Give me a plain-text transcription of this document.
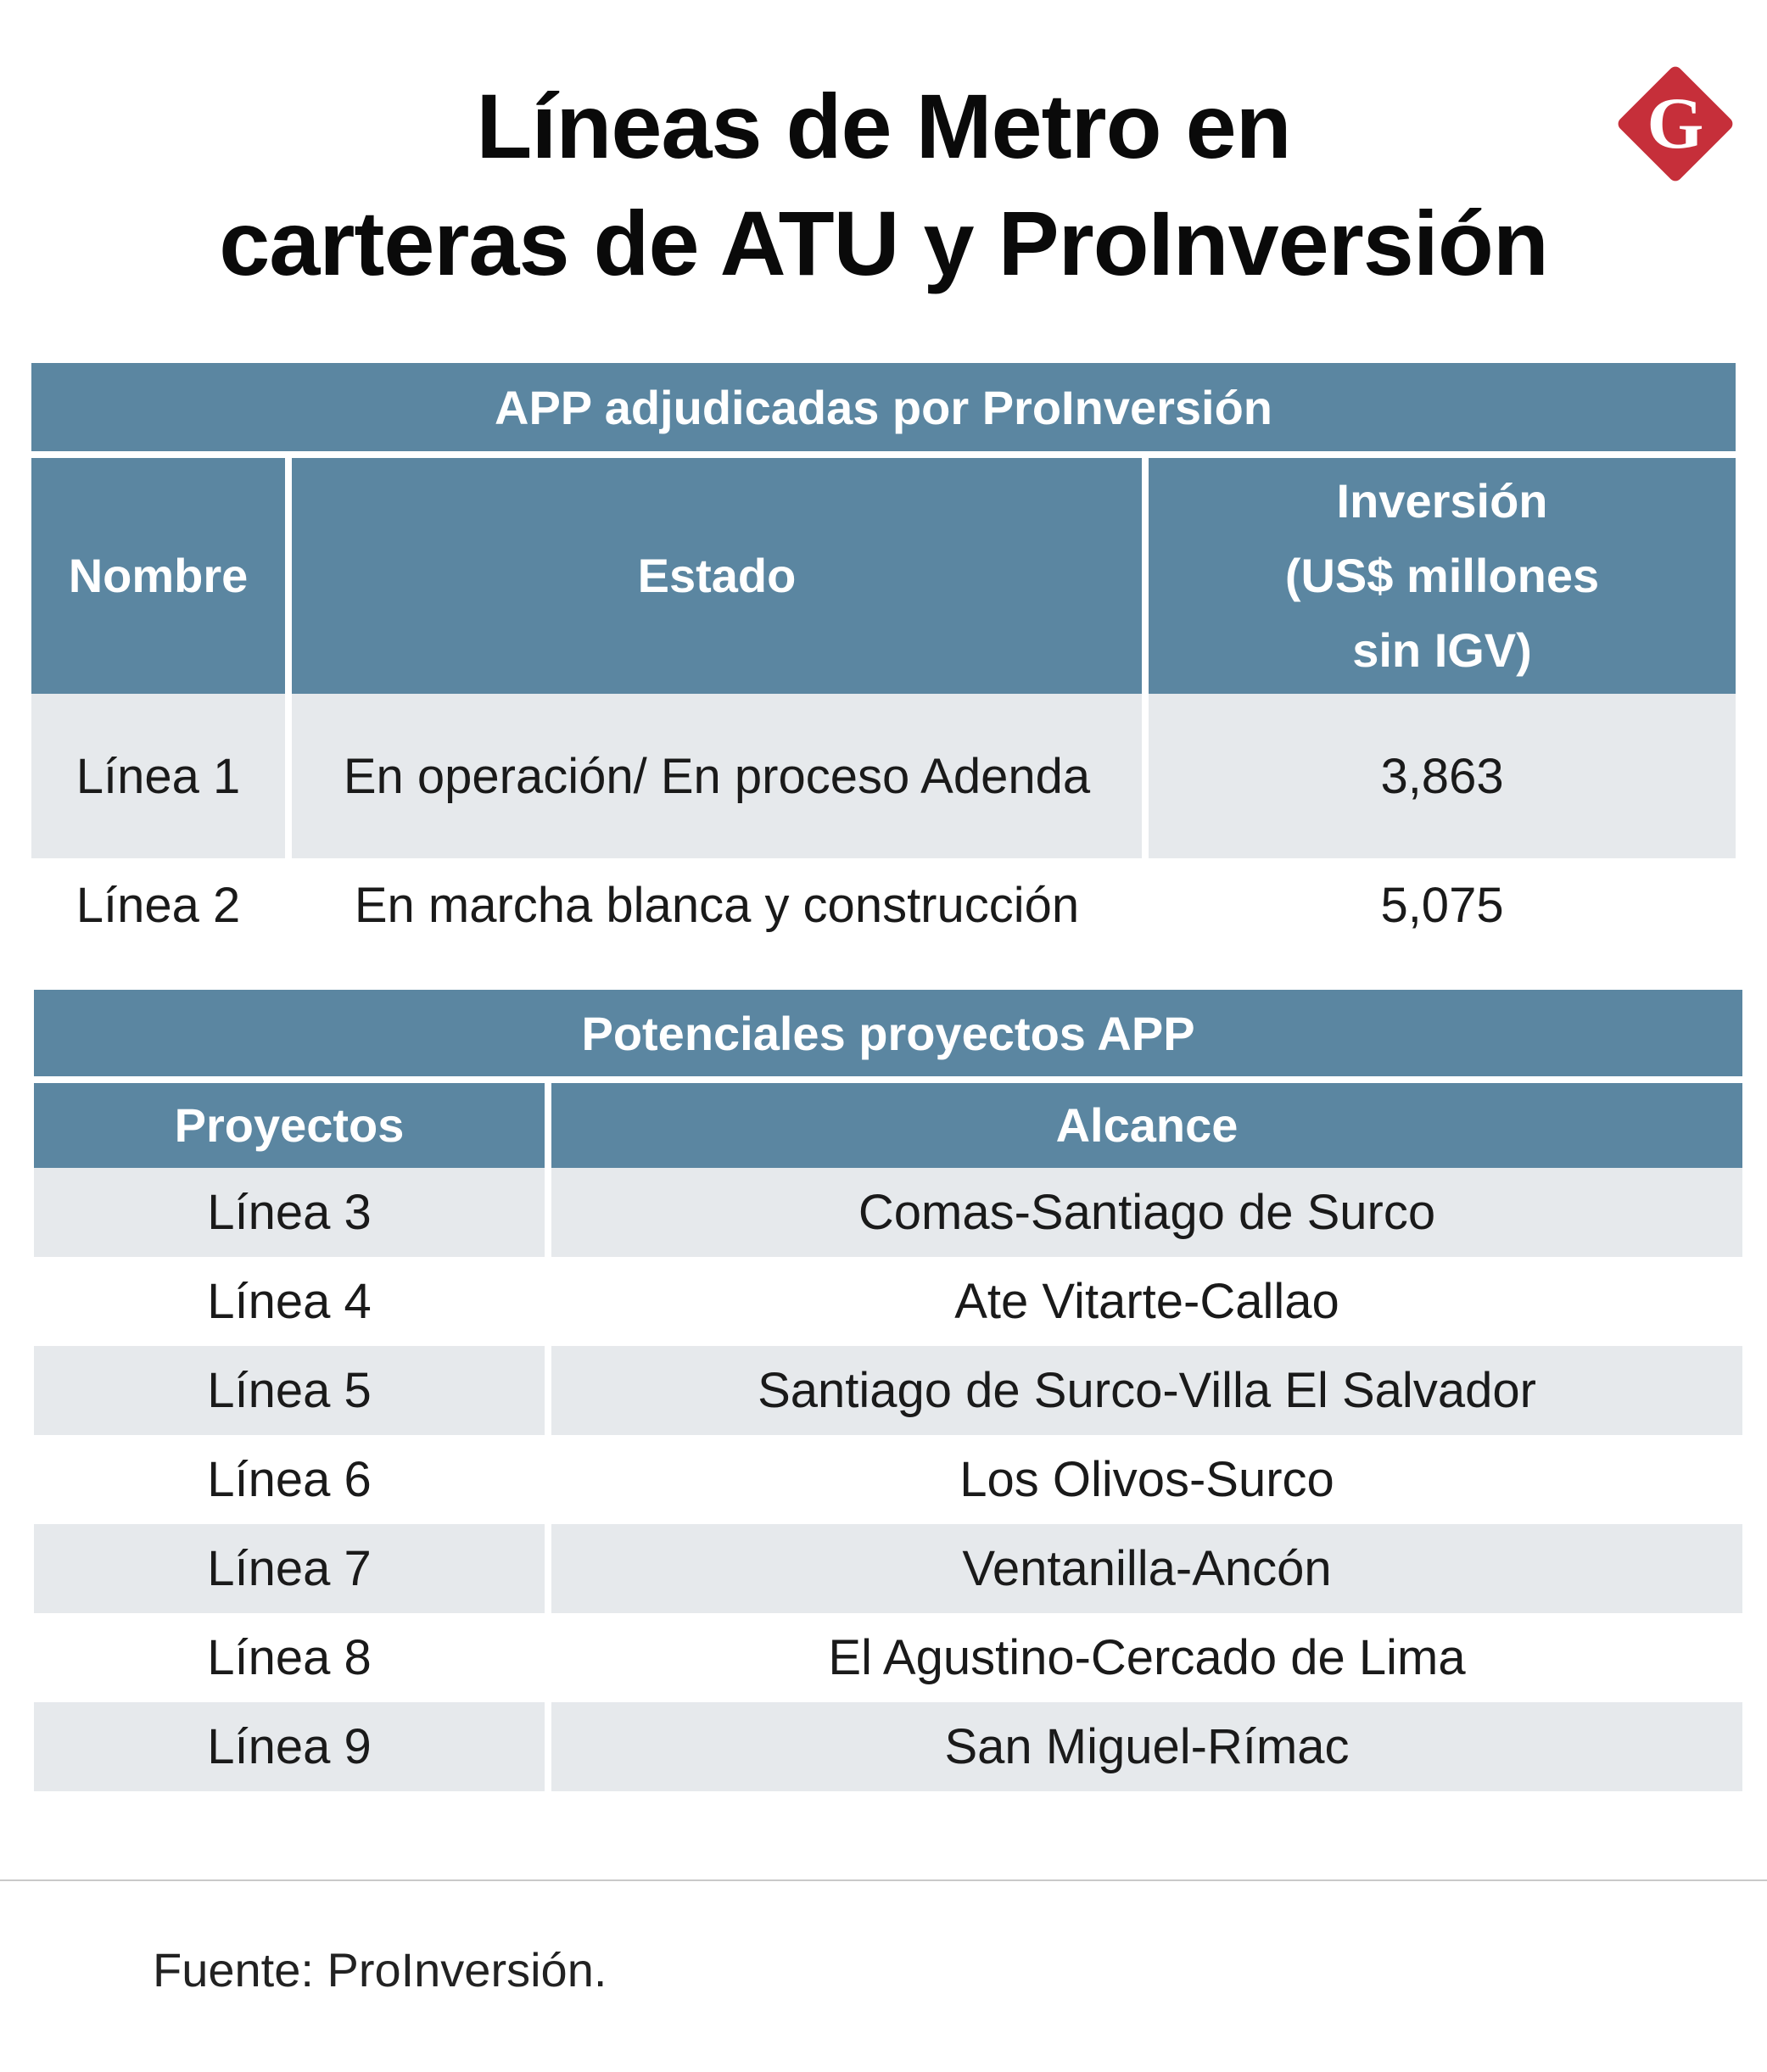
Líneas de Metro en
carteras de ATU y ProInversión
G
APP adjudicadas por ProInversión		
Nombre	Estado	Inversión
(US$ millones
sin IGV)

Línea 1	En operación/ En proceso Adenda	3,863
Línea 2	En marcha blanca y construcción	5,075
Potenciales proyectos APP	
Proyectos	Alcance
Línea 3	Comas-Santiago de Surco
Línea 4	Ate Vitarte-Callao
Línea 5	Santiago de Surco-Villa El Salvador
Línea 6	Los Olivos-Surco
Línea 7	Ventanilla-Ancón
Línea 8	El Agustino-Cercado de Lima
Línea 9	San Miguel-Rímac
Fuente: ProInversión.
